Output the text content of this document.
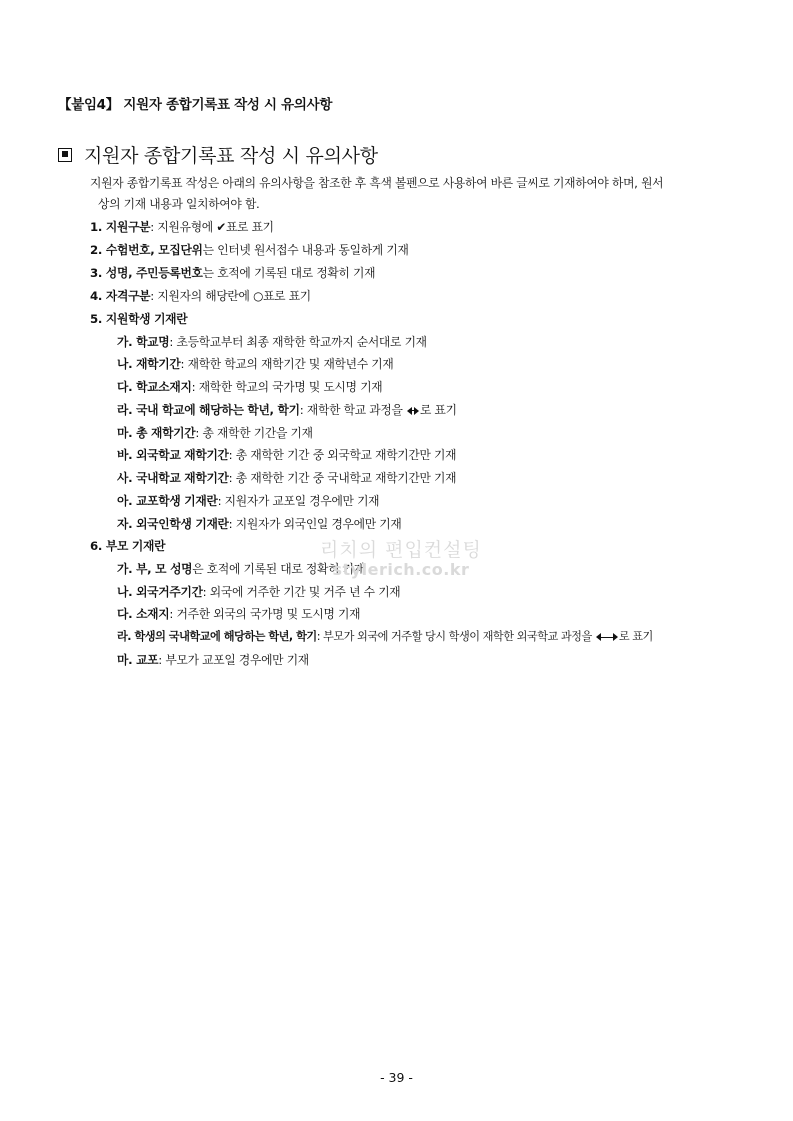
【붙임4】 지원자 종합기록표 작성 시 유의사항
지원자 종합기록표 작성 시 유의사항

지원자 종합기록표 작성은 아래의 유의사항을 참조한 후 흑색 볼펜으로 사용하여 바른 글씨로 기재하여야 하며, 원서

상의 기재 내용과 일치하여야 함.

1. 지원구분: 지원유형에 ✔표로 표기
2. 수험번호, 모집단위는 인터넷 원서접수 내용과 동일하게 기재
3. 성명, 주민등록번호는 호적에 기록된 대로 정확히 기재
4. 자격구분: 지원자의 해당란에 ○표로 표기
5. 지원학생 기재란
가. 학교명: 초등학교부터 최종 재학한 학교까지 순서대로 기재
나. 재학기간: 재학한 학교의 재학기간 및 재학년수 기재
다. 학교소재지: 재학한 학교의 국가명 및 도시명 기재
라. 국내 학교에 해당하는 학년, 학기: 재학한 학교 과정을
로 표기
마. 총 재학기간: 총 재학한 기간을 기재
바. 외국학교 재학기간: 총 재학한 기간 중 외국학교 재학기간만 기재
사. 국내학교 재학기간: 총 재학한 기간 중 국내학교 재학기간만 기재
아. 교포학생 기재란: 지원자가 교포일 경우에만 기재
자. 외국인학생 기재란: 지원자가 외국인일 경우에만 기재
6. 부모 기재란
가. 부, 모 성명은 호적에 기록된 대로 정확히 기재
나. 외국거주기간: 외국에 거주한 기간 및 거주 년 수 기재
다. 소재지: 거주한 외국의 국가명 및 도시명 기재
라. 학생의 국내학교에 해당하는 학년, 학기: 부모가 외국에 거주할 당시 학생이 재학한 외국학교 과정을
로 표기
마. 교포: 부모가 교포일 경우에만 기재
리치의 편입컨설팅
stylerich.co.kr
- 39 -
